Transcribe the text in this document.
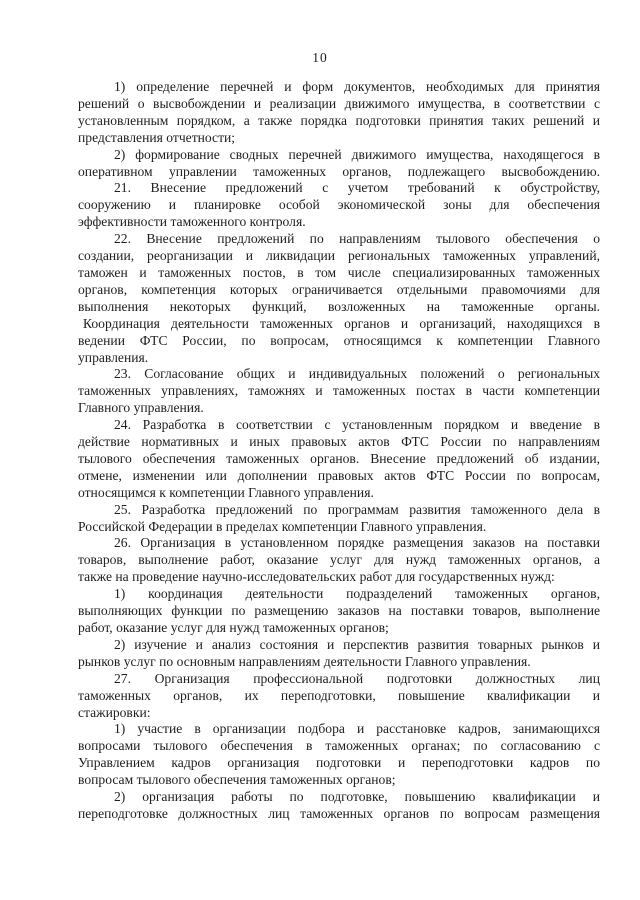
10
1) определение перечней и форм документов, необходимых для принятия
решений о высвобождении и реализации движимого имущества, в соответствии с
установленным порядком, а также порядка подготовки принятия таких решений и
представления отчетности;
2) формирование сводных перечней движимого имущества, находящегося в
оперативном управлении таможенных органов, подлежащего высвобождению.
21. Внесение предложений с учетом требований к обустройству,
сооружению и планировке особой экономической зоны для обеспечения
эффективности таможенного контроля.
22. Внесение предложений по направлениям тылового обеспечения о
создании, реорганизации и ликвидации региональных таможенных управлений,
таможен и таможенных постов, в том числе специализированных таможенных
органов, компетенция которых ограничивается отдельными правомочиями для
выполнения некоторых функций, возложенных на таможенные органы.
Координация деятельности таможенных органов и организаций, находящихся в
ведении ФТС России, по вопросам, относящимся к компетенции Главного
управления.
23. Согласование общих и индивидуальных положений о региональных
таможенных управлениях, таможнях и таможенных постах в части компетенции
Главного управления.
24. Разработка в соответствии с установленным порядком и введение в
действие нормативных и иных правовых актов ФТС России по направлениям
тылового обеспечения таможенных органов. Внесение предложений об издании,
отмене, изменении или дополнении правовых актов ФТС России по вопросам,
относящимся к компетенции Главного управления.
25. Разработка предложений по программам развития таможенного дела в
Российской Федерации в пределах компетенции Главного управления.
26. Организация в установленном порядке размещения заказов на поставки
товаров, выполнение работ, оказание услуг для нужд таможенных органов, а
также на проведение научно-исследовательских работ для государственных нужд:
1) координация деятельности подразделений таможенных органов,
выполняющих функции по размещению заказов на поставки товаров, выполнение
работ, оказание услуг для нужд таможенных органов;
2) изучение и анализ состояния и перспектив развития товарных рынков и
рынков услуг по основным направлениям деятельности Главного управления.
27. Организация профессиональной подготовки должностных лиц
таможенных органов, их переподготовки, повышение квалификации и
стажировки:
1) участие в организации подбора и расстановке кадров, занимающихся
вопросами тылового обеспечения в таможенных органах; по согласованию с
Управлением кадров организация подготовки и переподготовки кадров по
вопросам тылового обеспечения таможенных органов;
2) организация работы по подготовке, повышению квалификации и
переподготовке должностных лиц таможенных органов по вопросам размещения
